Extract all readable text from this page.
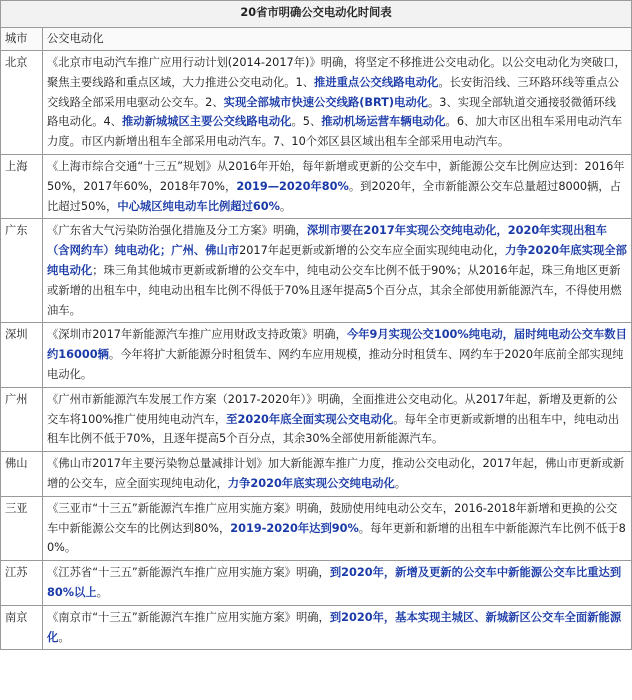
20省市明确公交电动化时间表	
城市	公交电动化
北京	《北京市电动汽车推广应用行动计划(2014-2017年)》明确，将坚定不移推进公交电动化。以公交电动化为突破口，聚焦主要线路和重点区域，大力推进公交电动化。1、推进重点公交线路电动化。长安街沿线、三环路环线等重点公交线路全部采用电驱动公交车。2、实现全部城市快速公交线路(BRT)电动化。3、实现全部轨道交通接驳微循环线路电动化。4、推动新城城区主要公交线路电动化。5、推动机场运营车辆电动化。6、加大市区出租车采用电动汽车力度。市区内新增出租车全部采用电动汽车。7、10个郊区县区域出租车全部采用电动汽车。
上海	《上海市综合交通“十三五”规划》从2016年开始，每年新增或更新的公交车中，新能源公交车比例应达到：2016年50%，2017年60%，2018年70%，2019—2020年80%。到2020年，全市新能源公交车总量超过8000辆，占比超过50%，中心城区纯电动车比例超过60%。
广东	《广东省大气污染防治强化措施及分工方案》明确，深圳市要在2017年实现公交纯电动化，2020年实现出租车（含网约车）纯电动化；广州、佛山市2017年起更新或新增的公交车应全面实现纯电动化，力争2020年底实现全部纯电动化；珠三角其他城市更新或新增的公交车中，纯电动公交车比例不低于90%；从2016年起，珠三角地区更新或新增的出租车中，纯电动出租车比例不得低于70%且逐年提高5个百分点，其余全部使用新能源汽车，不得使用燃油车。
深圳	《深圳市2017年新能源汽车推广应用财政支持政策》明确，今年9月实现公交100%纯电动，届时纯电动公交车数目约16000辆。今年将扩大新能源分时租赁车、网约车应用规模，推动分时租赁车、网约车于2020年底前全部实现纯电动化。
广州	《广州市新能源汽车发展工作方案（2017-2020年）》明确，全面推进公交电动化。从2017年起，新增及更新的公交车将100%推广使用纯电动汽车，至2020年底全面实现公交电动化。每年全市更新或新增的出租车中，纯电动出租车比例不低于70%，且逐年提高5个百分点，其余30%全部使用新能源汽车。
佛山	《佛山市2017年主要污染物总量减排计划》加大新能源车推广力度，推动公交电动化，2017年起，佛山市更新或新增的公交车，应全面实现纯电动化，力争2020年底实现公交纯电动化。
三亚	《三亚市“十三五”新能源汽车推广应用实施方案》明确，鼓励使用纯电动公交车，2016-2018年新增和更换的公交车中新能源公交车的比例达到80%，2019-2020年达到90%。每年更新和新增的出租车中新能源汽车比例不低于80%。
江苏	《江苏省“十三五”新能源汽车推广应用实施方案》明确，到2020年，新增及更新的公交车中新能源公交车比重达到80%以上。
南京	《南京市“十三五”新能源汽车推广应用实施方案》明确，到2020年，基本实现主城区、新城新区公交车全面新能源化。
